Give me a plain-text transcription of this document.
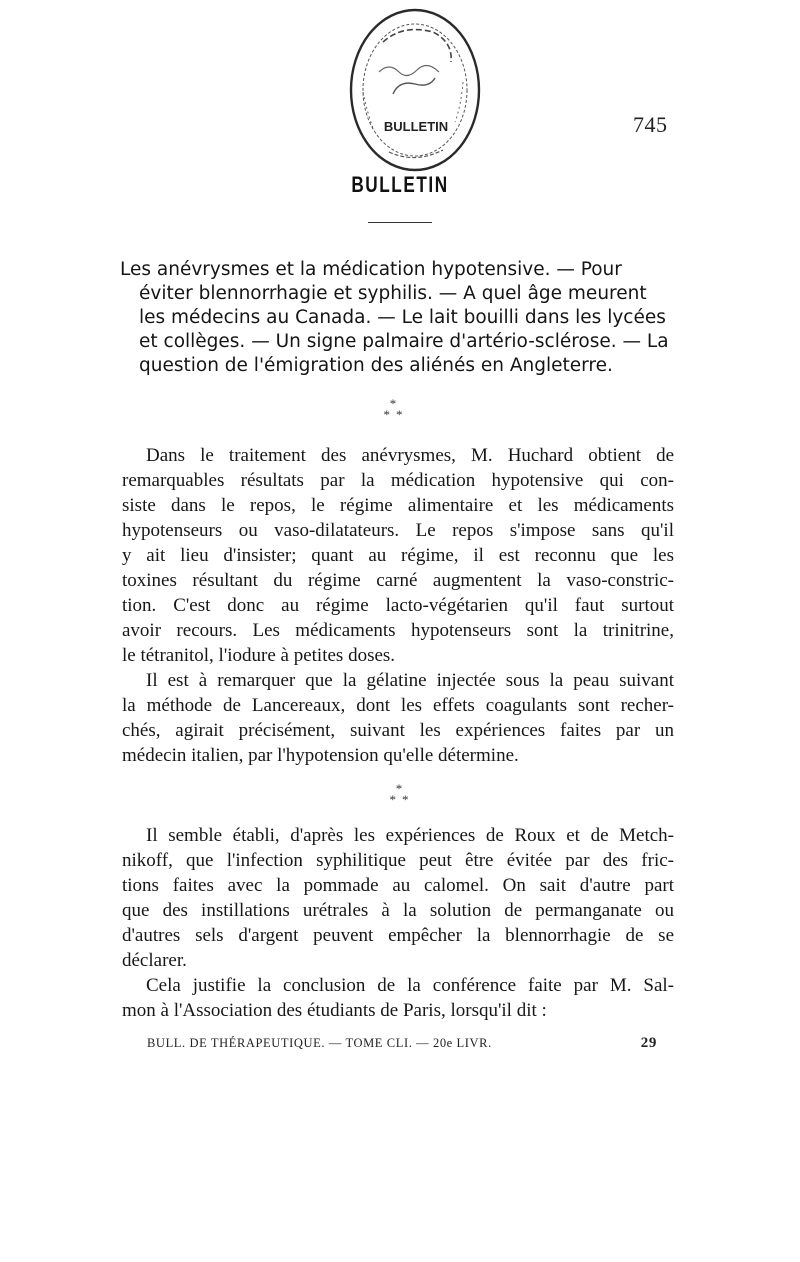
BULLETIN	745
BULLETIN
Les anévrysmes et la médication hypotensive. — Pour
éviter blennorrhagie et syphilis. — A quel âge meurent
les médecins au Canada. — Le lait bouilli dans les lycées
et collèges. — Un signe palmaire d'artério-sclérose. — La
question de l'émigration des aliénés en Angleterre.
*
**
Dans le traitement des anévrysmes, M. Huchard obtient de
remarquables résultats par la médication hypotensive qui con-
siste dans le repos, le régime alimentaire et les médicaments
hypotenseurs ou vaso-dilatateurs. Le repos s'impose sans qu'il
y ait lieu d'insister; quant au régime, il est reconnu que les
toxines résultant du régime carné augmentent la vaso-constric-
tion. C'est donc au régime lacto-végétarien qu'il faut surtout
avoir recours. Les médicaments hypotenseurs sont la trinitrine,
le tétranitol, l'iodure à petites doses.
Il est à remarquer que la gélatine injectée sous la peau suivant
la méthode de Lancereaux, dont les effets coagulants sont recher-
chés, agirait précisément, suivant les expériences faites par un
médecin italien, par l'hypotension qu'elle détermine.
*
**
Il semble établi, d'après les expériences de Roux et de Metch-
nikoff, que l'infection syphilitique peut être évitée par des fric-
tions faites avec la pommade au calomel. On sait d'autre part
que des instillations urétrales à la solution de permanganate ou
d'autres sels d'argent peuvent empêcher la blennorrhagie de se
déclarer.
Cela justifie la conclusion de la conférence faite par M. Sal-
mon à l'Association des étudiants de Paris, lorsqu'il dit :
BULL. DE THÉRAPEUTIQUE. — TOME CLI. — 20e LIVR.	29
